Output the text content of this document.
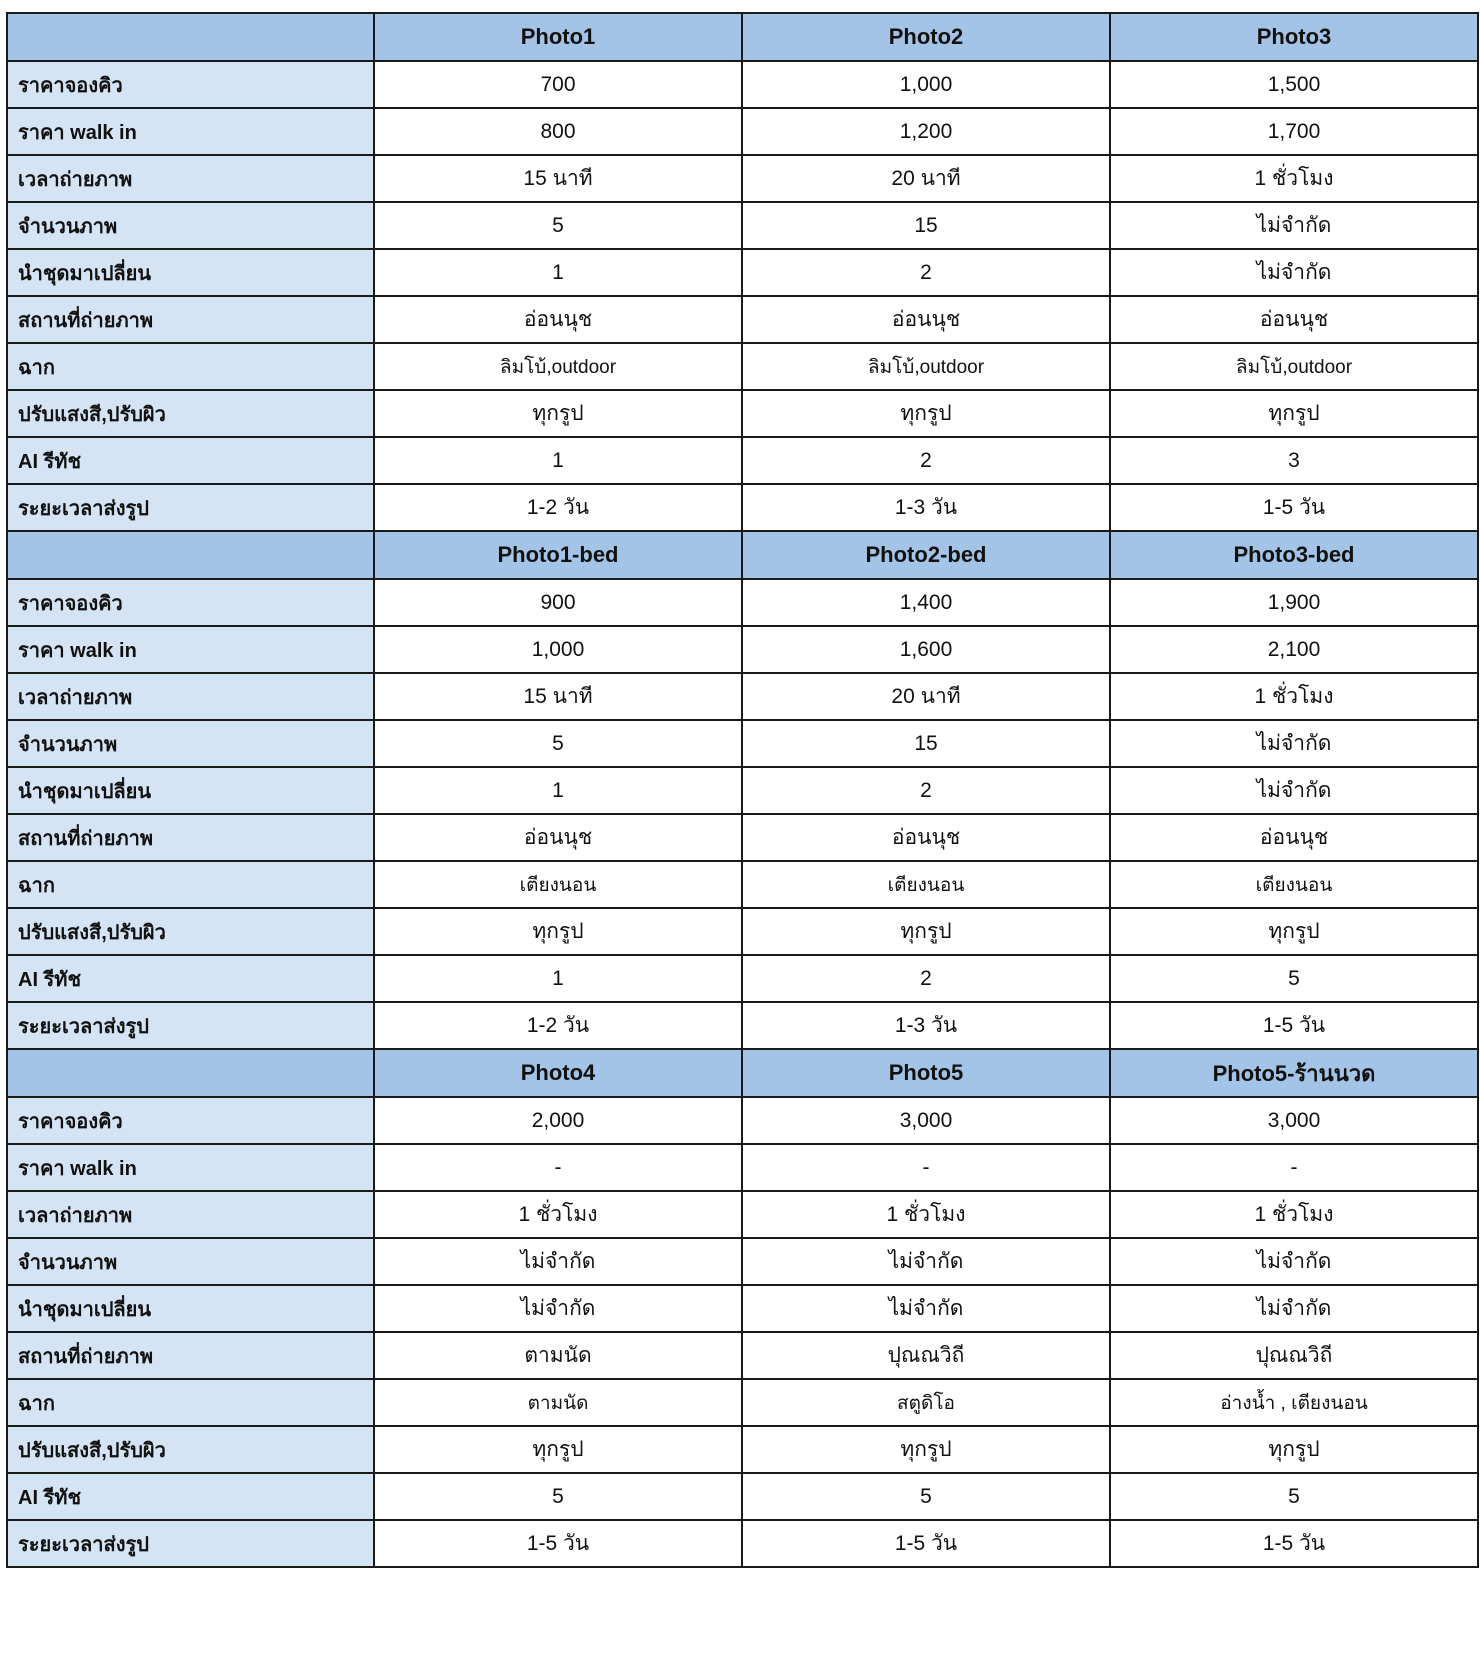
	Photo1	Photo2	Photo3
ราคาจองคิว	700	1,000	1,500
ราคา walk in	800	1,200	1,700
เวลาถ่ายภาพ	15 นาที	20 นาที	1 ชั่วโมง
จำนวนภาพ	5	15	ไม่จำกัด
นำชุดมาเปลี่ยน	1	2	ไม่จำกัด
สถานที่ถ่ายภาพ	อ่อนนุช	อ่อนนุช	อ่อนนุช
ฉาก	ลิมโบ้,outdoor	ลิมโบ้,outdoor	ลิมโบ้,outdoor
ปรับแสงสี,ปรับผิว	ทุกรูป	ทุกรูป	ทุกรูป
AI รีทัช	1	2	3
ระยะเวลาส่งรูป	1-2 วัน	1-3 วัน	1-5 วัน
	Photo1-bed	Photo2-bed	Photo3-bed
ราคาจองคิว	900	1,400	1,900
ราคา walk in	1,000	1,600	2,100
เวลาถ่ายภาพ	15 นาที	20 นาที	1 ชั่วโมง
จำนวนภาพ	5	15	ไม่จำกัด
นำชุดมาเปลี่ยน	1	2	ไม่จำกัด
สถานที่ถ่ายภาพ	อ่อนนุช	อ่อนนุช	อ่อนนุช
ฉาก	เตียงนอน	เตียงนอน	เตียงนอน
ปรับแสงสี,ปรับผิว	ทุกรูป	ทุกรูป	ทุกรูป
AI รีทัช	1	2	5
ระยะเวลาส่งรูป	1-2 วัน	1-3 วัน	1-5 วัน
	Photo4	Photo5	Photo5-ร้านนวด
ราคาจองคิว	2,000	3,000	3,000
ราคา walk in	-	-	-
เวลาถ่ายภาพ	1 ชั่วโมง	1 ชั่วโมง	1 ชั่วโมง
จำนวนภาพ	ไม่จำกัด	ไม่จำกัด	ไม่จำกัด
นำชุดมาเปลี่ยน	ไม่จำกัด	ไม่จำกัด	ไม่จำกัด
สถานที่ถ่ายภาพ	ตามนัด	ปุณณวิถี	ปุณณวิถี
ฉาก	ตามนัด	สตูดิโอ	อ่างน้ำ , เตียงนอน
ปรับแสงสี,ปรับผิว	ทุกรูป	ทุกรูป	ทุกรูป
AI รีทัช	5	5	5
ระยะเวลาส่งรูป	1-5 วัน	1-5 วัน	1-5 วัน
